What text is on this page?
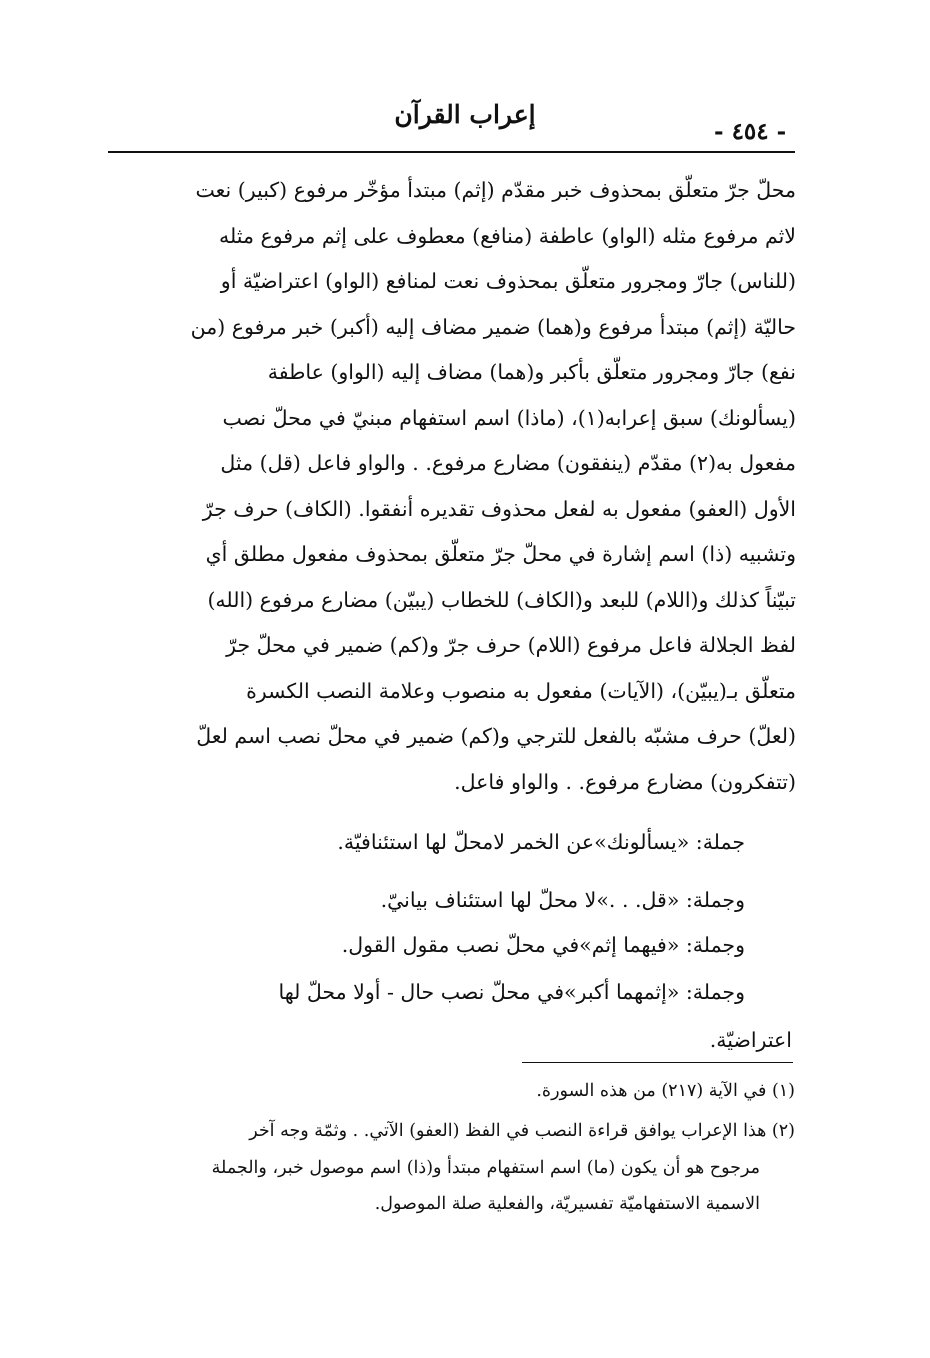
إعراب القرآن
- ٤٥٤ -
محلّ جرّ متعلّق بمحذوف خبر مقدّم (إثم) مبتدأ مؤخّر مرفوع (كبير) نعت
لاثم مرفوع مثله (الواو) عاطفة (منافع) معطوف على إثم مرفوع مثله
(للناس) جارّ ومجرور متعلّق بمحذوف نعت لمنافع (الواو) اعتراضيّة أو
حاليّة (إثم) مبتدأ مرفوع و(هما) ضمير مضاف إليه (أكبر) خبر مرفوع (من
نفع) جارّ ومجرور متعلّق بأكبر و(هما) مضاف إليه (الواو) عاطفة
(يسألونك) سبق إعرابه(١)، (ماذا) اسم استفهام مبنيّ في محلّ نصب
مفعول به(٢) مقدّم (ينفقون) مضارع مرفوع. . والواو فاعل (قل) مثل
الأول (العفو) مفعول به لفعل محذوف تقديره أنفقوا. (الكاف) حرف جرّ
وتشبيه (ذا) اسم إشارة في محلّ جرّ متعلّق بمحذوف مفعول مطلق أي
تبيّناً كذلك و(اللام) للبعد و(الكاف) للخطاب (يبيّن) مضارع مرفوع (الله)
لفظ الجلالة فاعل مرفوع (اللام) حرف جرّ و(كم) ضمير في محلّ جرّ
متعلّق بـ(يبيّن)، (الآيات) مفعول به منصوب وعلامة النصب الكسرة
(لعلّ) حرف مشبّه بالفعل للترجي و(كم) ضمير في محلّ نصب اسم لعلّ
(تتفكرون) مضارع مرفوع. . والواو فاعل.
جملة: «يسألونك»عن الخمر لامحلّ لها استئنافيّة.
وجملة: «قل. . .»لا محلّ لها استئناف بيانيّ.
وجملة: «فيهما إثم»في محلّ نصب مقول القول.
وجملة: «إثمهما أكبر»في محلّ نصب حال - أولا محلّ لها
اعتراضيّة.
(١) في الآية (٢١٧) من هذه السورة.
(٢) هذا الإعراب يوافق قراءة النصب في الفظ (العفو) الآتي. . وثمّة وجه آخر
مرجوح هو أن يكون (ما) اسم استفهام مبتدأ و(ذا) اسم موصول خبر، والجملة
الاسمية الاستفهاميّة تفسيريّة، والفعلية صلة الموصول.
